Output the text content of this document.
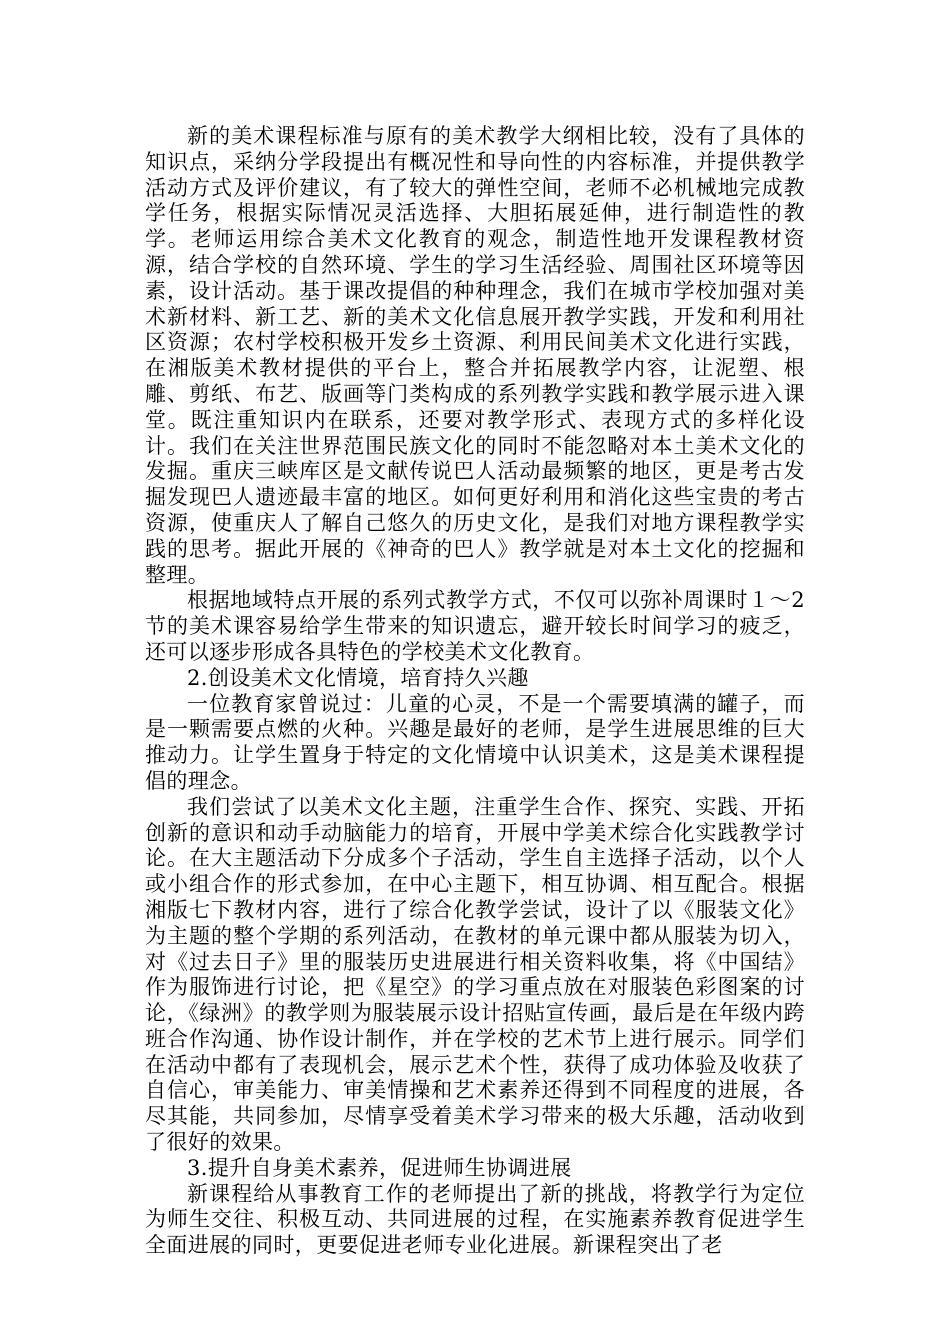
新的美术课程标准与原有的美术教学大纲相比较，没有了具体的知识点，采纳分学段提出有概况性和导向性的内容标准，并提供教学活动方式及评价建议，有了较大的弹性空间，老师不必机械地完成教学任务，根据实际情况灵活选择、大胆拓展延伸，进行制造性的教学。老师运用综合美术文化教育的观念，制造性地开发课程教材资源，结合学校的自然环境、学生的学习生活经验、周围社区环境等因素，设计活动。基于课改提倡的种种理念，我们在城市学校加强对美术新材料、新工艺、新的美术文化信息展开教学实践，开发和利用社区资源；农村学校积极开发乡土资源、利用民间美术文化进行实践，在湘版美术教材提供的平台上，整合并拓展教学内容，让泥塑、根雕、剪纸、布艺、版画等门类构成的系列教学实践和教学展示进入课堂。既注重知识内在联系，还要对教学形式、表现方式的多样化设计。我们在关注世界范围民族文化的同时不能忽略对本土美术文化的发掘。重庆三峡库区是文献传说巴人活动最频繁的地区，更是考古发掘发现巴人遗迹最丰富的地区。如何更好利用和消化这些宝贵的考古资源，使重庆人了解自己悠久的历史文化，是我们对地方课程教学实践的思考。据此开展的《神奇的巴人》教学就是对本土文化的挖掘和整理。

根据地域特点开展的系列式教学方式，不仅可以弥补周课时１～2 节的美术课容易给学生带来的知识遗忘，避开较长时间学习的疲乏，还可以逐步形成各具特色的学校美术文化教育。

2.创设美术文化情境，培育持久兴趣

一位教育家曾说过：儿童的心灵，不是一个需要填满的罐子，而是一颗需要点燃的火种。兴趣是最好的老师，是学生进展思维的巨大推动力。让学生置身于特定的文化情境中认识美术，这是美术课程提倡的理念。

我们尝试了以美术文化主题，注重学生合作、探究、实践、开拓创新的意识和动手动脑能力的培育，开展中学美术综合化实践教学讨论。在大主题活动下分成多个子活动，学生自主选择子活动，以个人或小组合作的形式参加，在中心主题下，相互协调、相互配合。根据湘版七下教材内容，进行了综合化教学尝试，设计了以《服装文化》为主题的整个学期的系列活动，在教材的单元课中都从服装为切入，对《过去日子》里的服装历史进展进行相关资料收集，将《中国结》作为服饰进行讨论，把《星空》的学习重点放在对服装色彩图案的讨论，《绿洲》的教学则为服装展示设计招贴宣传画，最后是在年级内跨班合作沟通、协作设计制作，并在学校的艺术节上进行展示。同学们在活动中都有了表现机会，展示艺术个性，获得了成功体验及收获了自信心，审美能力、审美情操和艺术素养还得到不同程度的进展，各尽其能，共同参加，尽情享受着美术学习带来的极大乐趣，活动收到了很好的效果。

3.提升自身美术素养，促进师生协调进展

新课程给从事教育工作的老师提出了新的挑战，将教学行为定位为师生交往、积极互动、共同进展的过程，在实施素养教育促进学生全面进展的同时，更要促进老师专业化进展。新课程突出了老
